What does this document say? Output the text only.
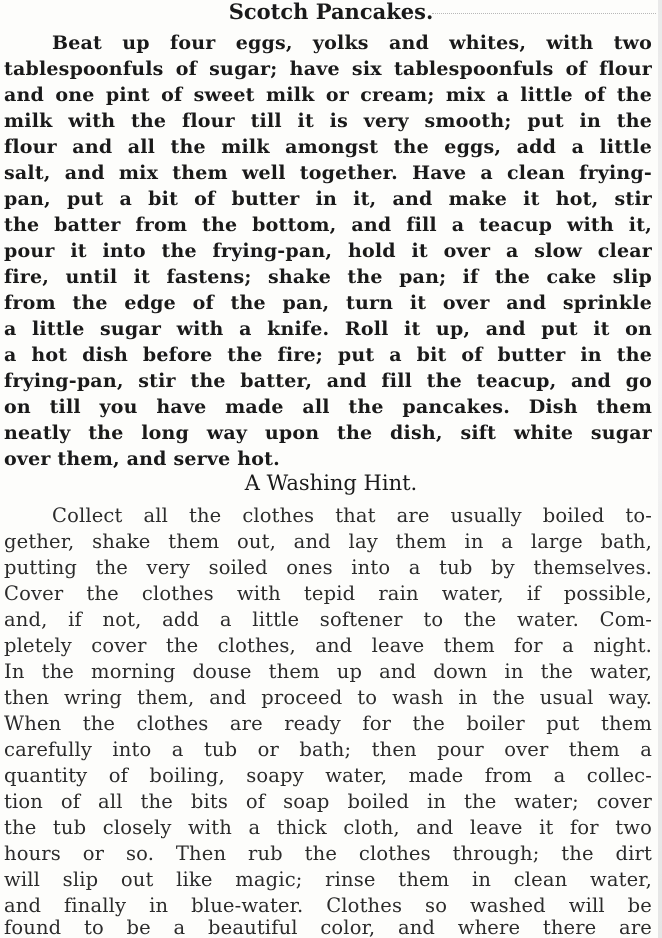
Scotch Pancakes.
Beat up four eggs, yolks and whites, with two
tablespoonfuls of sugar; have six tablespoonfuls of flour
and one pint of sweet milk or cream; mix a little of the
milk with the flour till it is very smooth; put in the
flour and all the milk amongst the eggs, add a little
salt, and mix them well together. Have a clean frying-
pan, put a bit of butter in it, and make it hot, stir
the batter from the bottom, and fill a teacup with it,
pour it into the frying-pan, hold it over a slow clear
fire, until it fastens; shake the pan; if the cake slip
from the edge of the pan, turn it over and sprinkle
a little sugar with a knife. Roll it up, and put it on
a hot dish before the fire; put a bit of butter in the
frying-pan, stir the batter, and fill the teacup, and go
on till you have made all the pancakes. Dish them
neatly the long way upon the dish, sift white sugar
over them, and serve hot.
A Washing Hint.
Collect all the clothes that are usually boiled to-
gether, shake them out, and lay them in a large bath,
putting the very soiled ones into a tub by themselves.
Cover the clothes with tepid rain water, if possible,
and, if not, add a little softener to the water. Com-
pletely cover the clothes, and leave them for a night.
In the morning douse them up and down in the water,
then wring them, and proceed to wash in the usual way.
When the clothes are ready for the boiler put them
carefully into a tub or bath; then pour over them a
quantity of boiling, soapy water, made from a collec-
tion of all the bits of soap boiled in the water; cover
the tub closely with a thick cloth, and leave it for two
hours or so. Then rub the clothes through; the dirt
will slip out like magic; rinse them in clean water,
and finally in blue-water. Clothes so washed will be
found to be a beautiful color, and where there are
